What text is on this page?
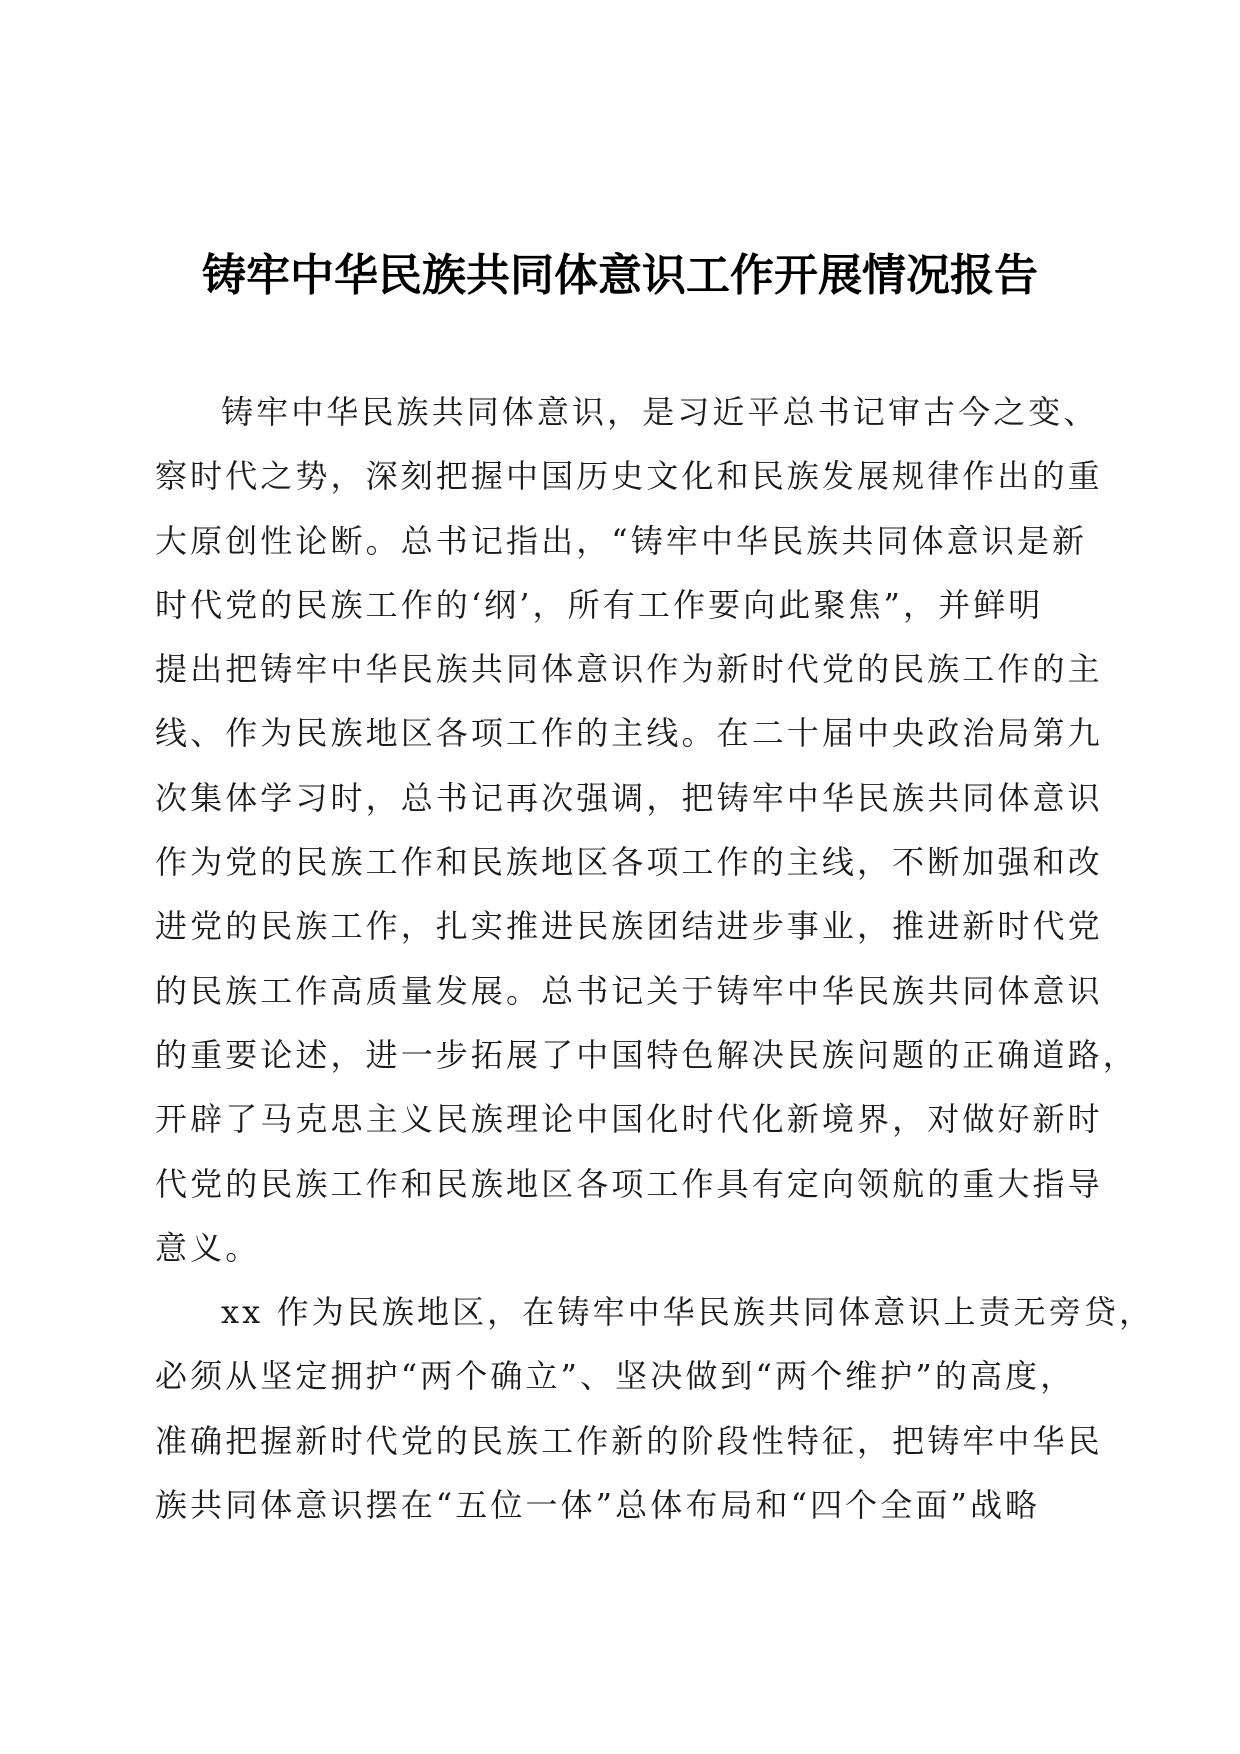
铸牢中华民族共同体意识工作开展情况报告
铸牢中华民族共同体意识，是习近平总书记审古今之变、
察时代之势，深刻把握中国历史文化和民族发展规律作出的重
大原创性论断。总书记指出，“铸牢中华民族共同体意识是新
时代党的民族工作的‘纲’，所有工作要向此聚焦”，并鲜明
提出把铸牢中华民族共同体意识作为新时代党的民族工作的主
线、作为民族地区各项工作的主线。在二十届中央政治局第九
次集体学习时，总书记再次强调，把铸牢中华民族共同体意识
作为党的民族工作和民族地区各项工作的主线，不断加强和改
进党的民族工作，扎实推进民族团结进步事业，推进新时代党
的民族工作高质量发展。总书记关于铸牢中华民族共同体意识
的重要论述，进一步拓展了中国特色解决民族问题的正确道路，
开辟了马克思主义民族理论中国化时代化新境界，对做好新时
代党的民族工作和民族地区各项工作具有定向领航的重大指导
意义。
xx 作为民族地区，在铸牢中华民族共同体意识上责无旁贷，
必须从坚定拥护“两个确立”、坚决做到“两个维护”的高度，
准确把握新时代党的民族工作新的阶段性特征，把铸牢中华民
族共同体意识摆在“五位一体”总体布局和“四个全面”战略
